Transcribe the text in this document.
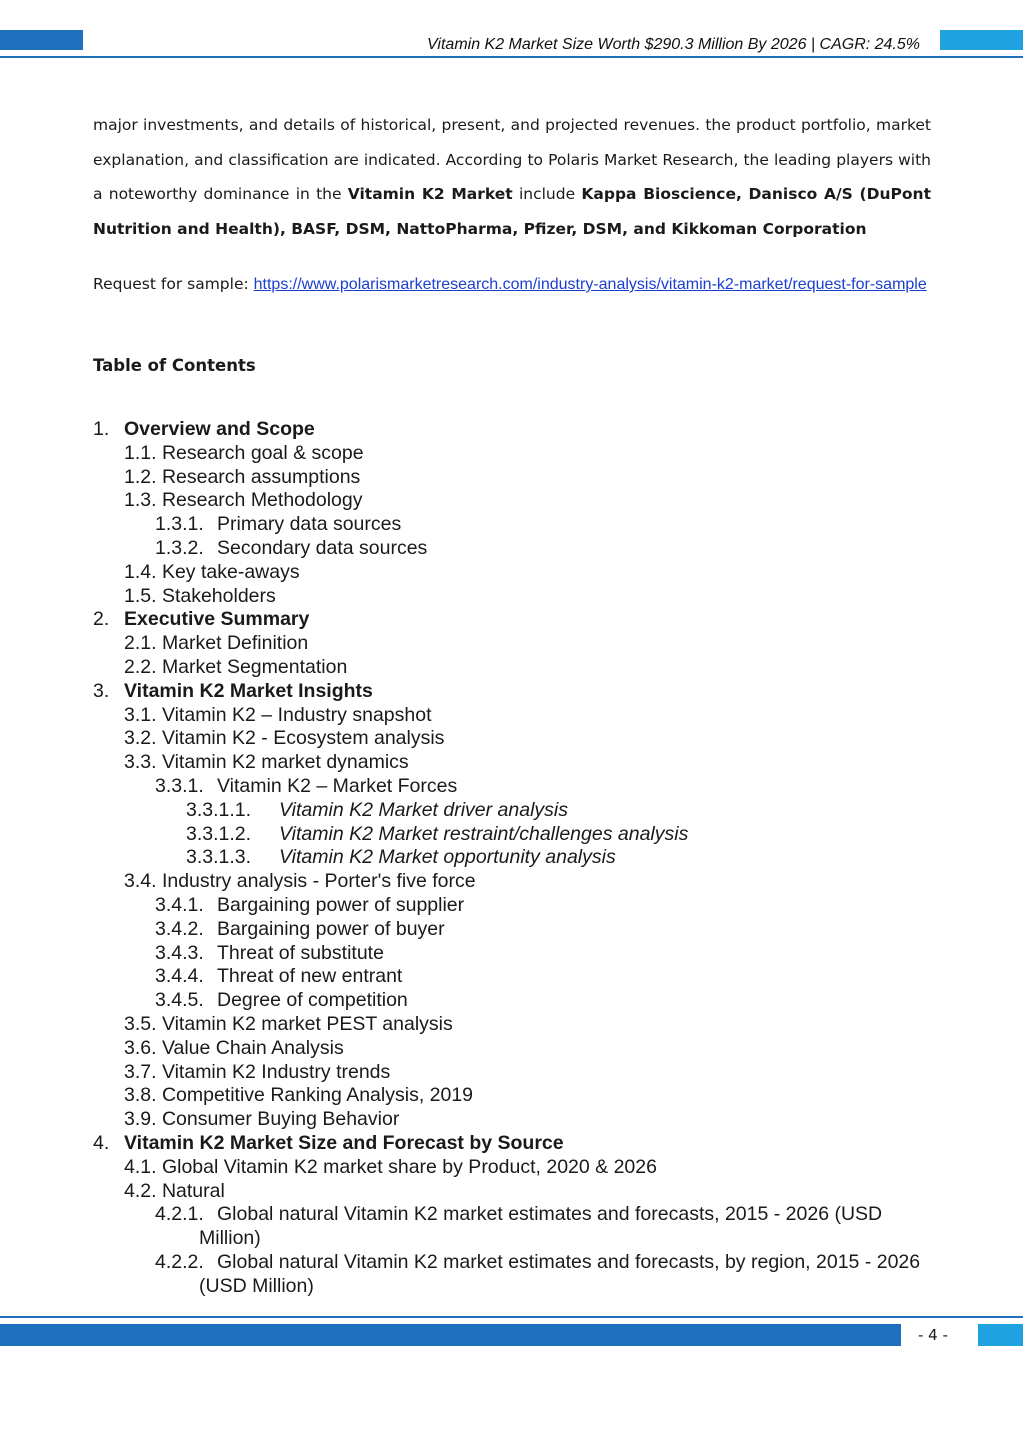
Vitamin K2 Market Size Worth $290.3 Million By 2026 | CAGR: 24.5%
major investments, and details of historical, present, and projected revenues. the product portfolio, market explanation, and classification are indicated. According to Polaris Market Research, the leading players with a noteworthy dominance in the Vitamin K2 Market include Kappa Bioscience, Danisco A/S (DuPont Nutrition and Health), BASF, DSM, NattoPharma, Pfizer, DSM, and Kikkoman Corporation
Request for sample: https://www.polarismarketresearch.com/industry-analysis/vitamin-k2-market/request-for-sample
Table of Contents
1. Overview and Scope
1.1. Research goal & scope
1.2. Research assumptions
1.3. Research Methodology
1.3.1. Primary data sources
1.3.2. Secondary data sources
1.4. Key take-aways
1.5. Stakeholders
2. Executive Summary
2.1. Market Definition
2.2. Market Segmentation
3. Vitamin K2 Market Insights
3.1. Vitamin K2 – Industry snapshot
3.2. Vitamin K2 - Ecosystem analysis
3.3. Vitamin K2 market dynamics
3.3.1. Vitamin K2 – Market Forces
3.3.1.1. Vitamin K2 Market driver analysis
3.3.1.2. Vitamin K2 Market restraint/challenges analysis
3.3.1.3. Vitamin K2 Market opportunity analysis
3.4. Industry analysis - Porter's five force
3.4.1. Bargaining power of supplier
3.4.2. Bargaining power of buyer
3.4.3. Threat of substitute
3.4.4. Threat of new entrant
3.4.5. Degree of competition
3.5. Vitamin K2 market PEST analysis
3.6. Value Chain Analysis
3.7. Vitamin K2 Industry trends
3.8. Competitive Ranking Analysis, 2019
3.9. Consumer Buying Behavior
4. Vitamin K2 Market Size and Forecast by Source
4.1. Global Vitamin K2 market share by Product, 2020 & 2026
4.2. Natural
4.2.1. Global natural Vitamin K2 market estimates and forecasts, 2015 - 2026 (USD
Million)
4.2.2. Global natural Vitamin K2 market estimates and forecasts, by region, 2015 - 2026
(USD Million)
- 4 -
